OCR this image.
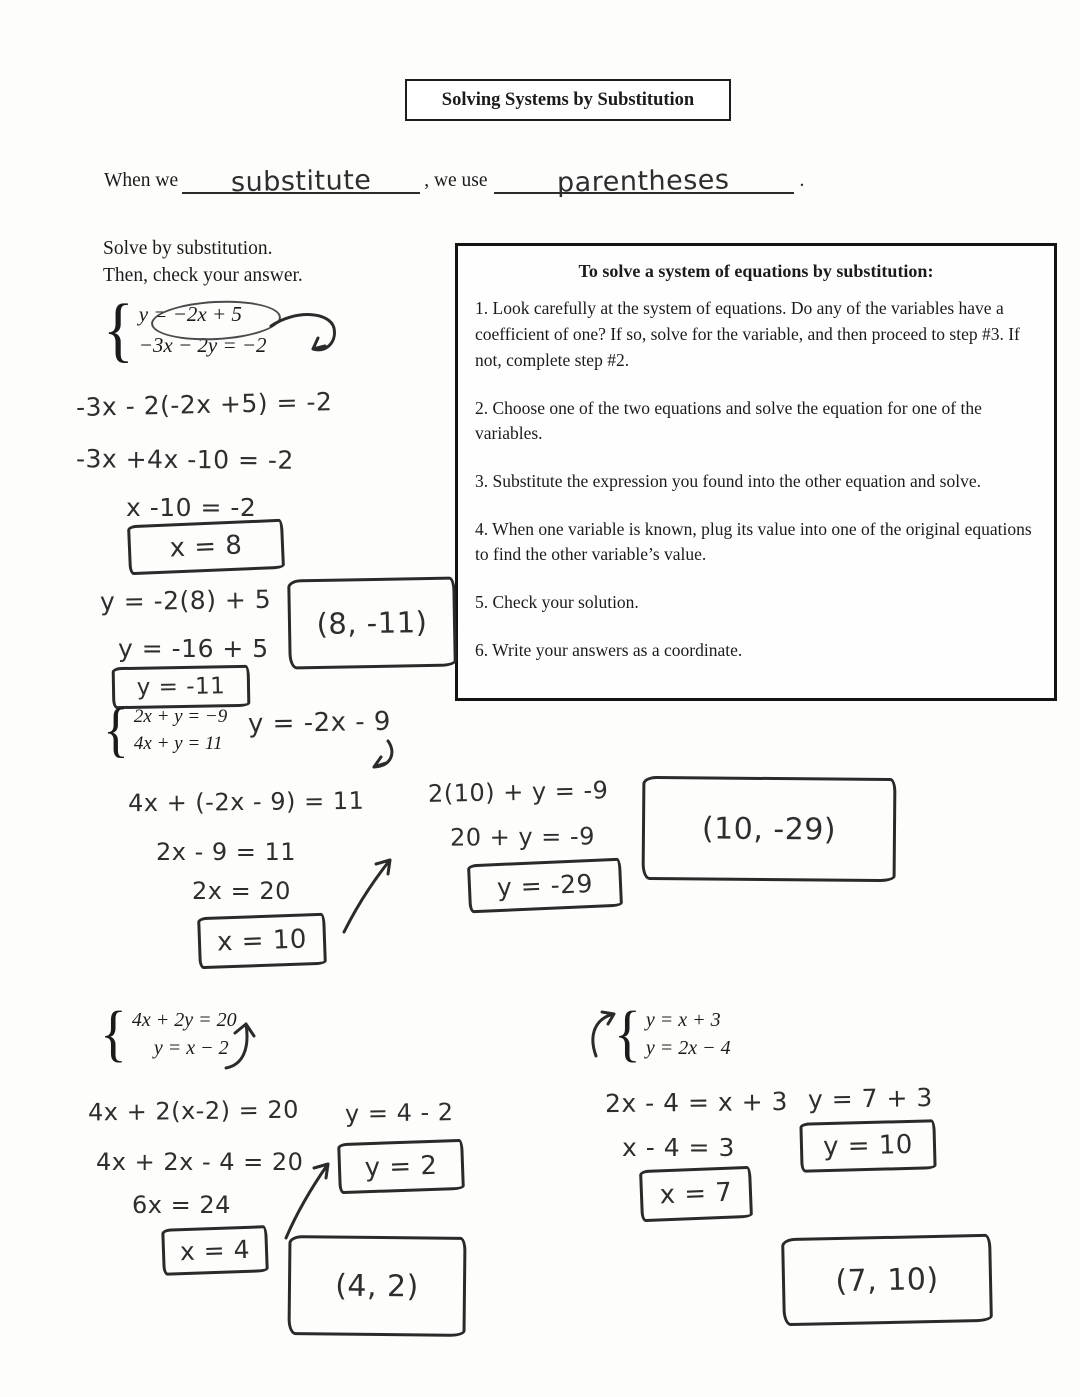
Solving Systems by Substitution
When we substitute	, we use	parentheses	.
Solve by substitution.
Then, check your answer.	To solve a system of equations by substitution:

1. Look carefully at the system of equations. Do any of the variables have a coefficient of one? If so, solve for the variable, and then proceed to step #3. If not, complete step #2.

2. Choose one of the two equations and solve the equation for one of the variables.

3. Substitute the expression you found into the other equation and solve.

4. When one variable is known, plug its value into one of the original equations to find the other variable’s value.

5. Check your solution.

6. Write your answers as a coordinate.

{ y = −2x + 5
−3x − 2y = −2
-3x - 2(-2x +5) = -2
-3x +4x -10 = -2
x -10 = -2
x = 8
y = -2(8) + 5
(8, -11)
y = -16 + 5
y = -11
{ 2x + y = −9
4x + y = 11
y = -2x - 9
4x + (-2x - 9) = 11
2x - 9 = 11
2x = 20
x = 10
2(10) + y = -9
20 + y = -9
y = -29
(10, -29)
{ 4x + 2y = 20
y = x − 2
4x + 2(x-2) = 20 y = 4 - 2
4x + 2x - 4 = 20 y = 2
6x = 24
x = 4
(4, 2)
{ y = x + 3
y = 2x − 4
2x - 4 = x + 3 y = 7 + 3
x - 4 = 3	y = 10
x = 7
(7, 10)
